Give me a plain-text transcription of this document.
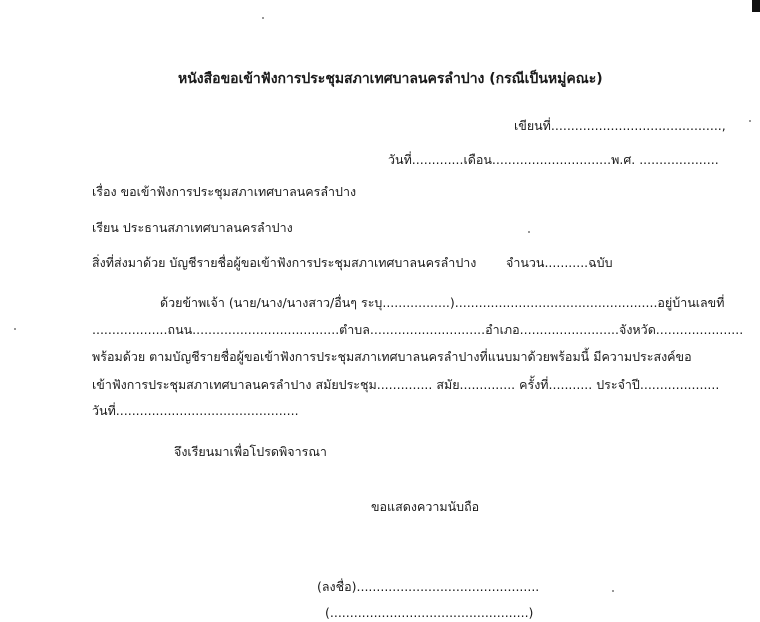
หนังสือขอเข้าฟังการประชุมสภาเทศบาลนครลำปาง (กรณีเป็นหมู่คณะ)
เขียนที่...........................................,
วันที่.............เดือน..............................พ.ศ. ....................
เรื่อง ขอเข้าฟังการประชุมสภาเทศบาลนครลำปาง
เรียน ประธานสภาเทศบาลนครลำปาง
สิ่งที่ส่งมาด้วย บัญชีรายชื่อผู้ขอเข้าฟังการประชุมสภาเทศบาลนครลำปาง จำนวน...........ฉบับ
ด้วยข้าพเจ้า (นาย/นาง/นางสาว/อื่นๆ ระบุ.................)...................................................อยู่บ้านเลขที่
...................ถนน.....................................ตำบล.............................อำเภอ.........................จังหวัด......................
พร้อมด้วย ตามบัญชีรายชื่อผู้ขอเข้าฟังการประชุมสภาเทศบาลนครลำปางที่แนบมาด้วยพร้อมนี้ มีความประสงค์ขอ
เข้าฟังการประชุมสภาเทศบาลนครลำปาง สมัยประชุม.............. สมัย.............. ครั้งที่........... ประจำปี....................
วันที่..............................................
จึงเรียนมาเพื่อโปรดพิจารณา
ขอแสดงความนับถือ
(ลงชื่อ)..............................................
(..................................................)
